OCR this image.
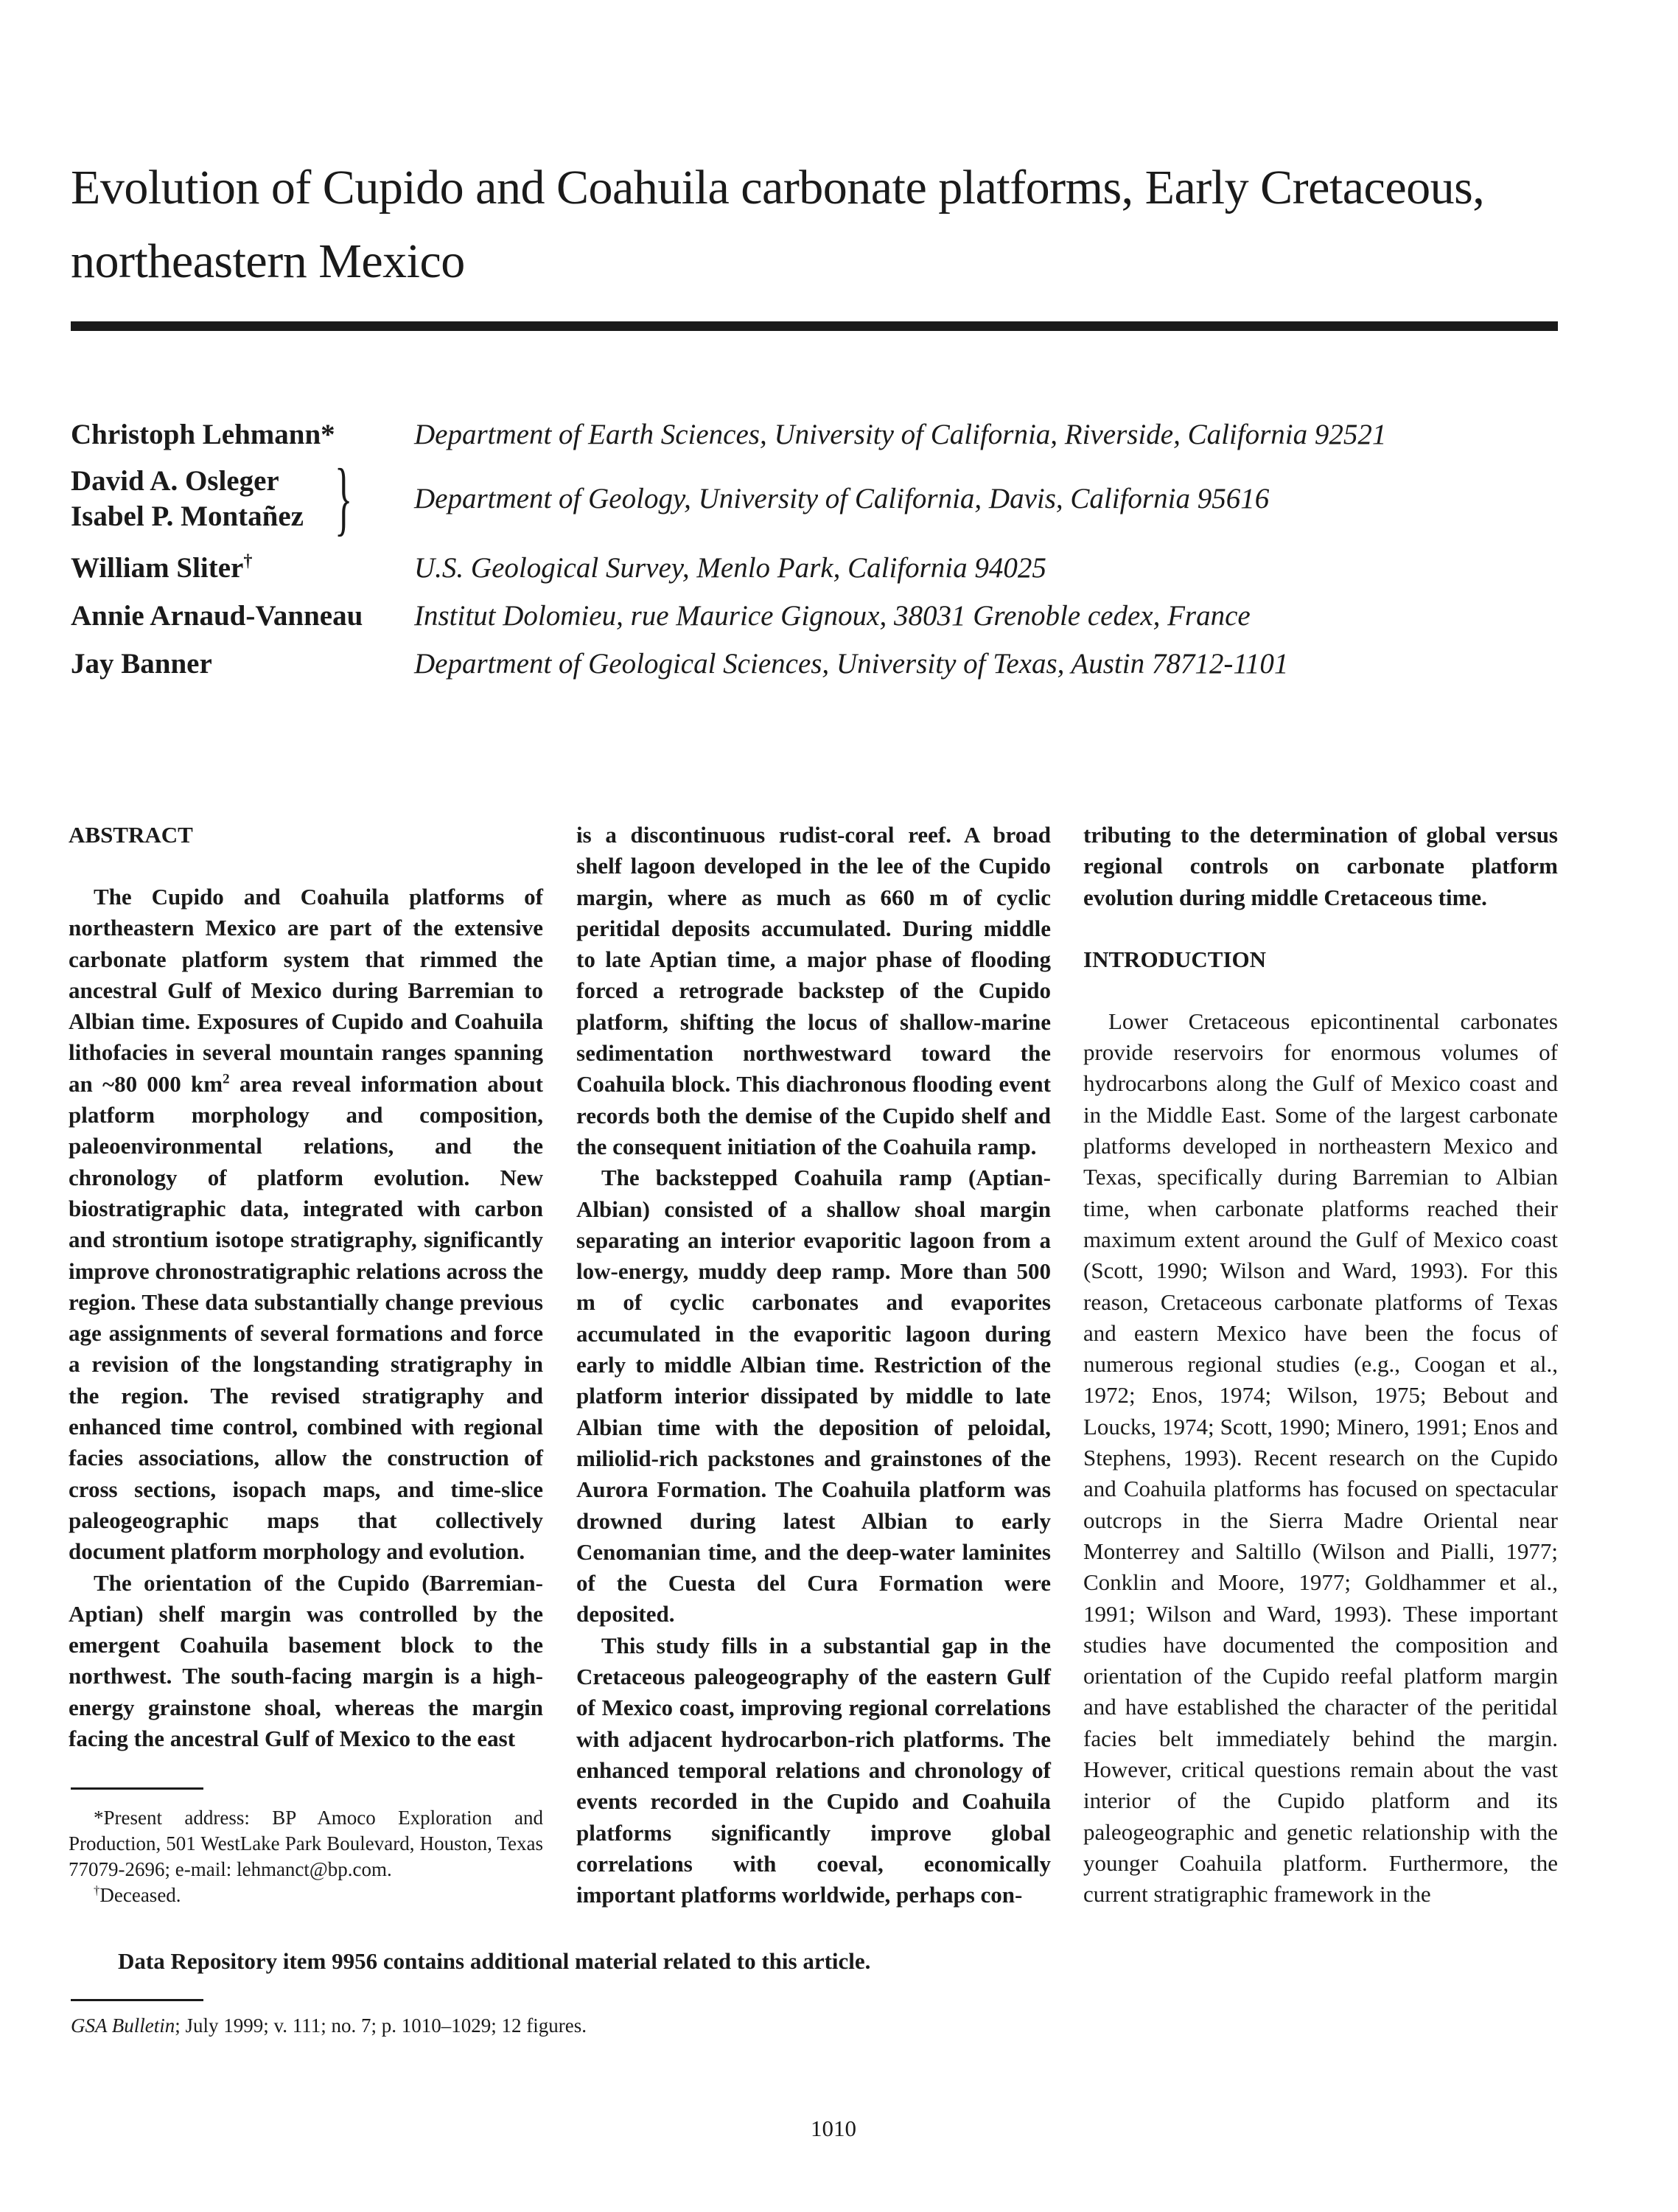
Evolution of Cupido and Coahuila carbonate platforms, Early Cretaceous, northeastern Mexico
Christoph Lehmann*	Department of Earth Sciences, University of California, Riverside, California 92521
David A. Osleger
Isabel P. Montañez } Department of Geology, University of California, Davis, California 95616
William Sliter†	U.S. Geological Survey, Menlo Park, California 94025
Annie Arnaud-Vanneau Institut Dolomieu, rue Maurice Gignoux, 38031 Grenoble cedex, France
Jay Banner	Department of Geological Sciences, University of Texas, Austin 78712-1101

ABSTRACT

The Cupido and Coahuila platforms of northeastern Mexico are part of the extensive carbonate platform system that rimmed the ancestral Gulf of Mexico during Barremian to Albian time. Exposures of Cupido and Coahuila lithofacies in several mountain ranges spanning an ~80 000 $km^2$ area reveal information about platform morphology and composition, paleoenvironmental relations, and the chronology of platform evolution. New biostratigraphic data, integrated with carbon and strontium isotope stratigraphy, significantly improve chronostratigraphic relations across the region. These data substantially change previous age assignments of several formations and force a revision of the longstanding stratigraphy in the region. The revised stratigraphy and enhanced time control, combined with regional facies associations, allow the construction of cross sections, isopach maps, and time-slice paleogeographic maps that collectively document platform morphology and evolution.

The orientation of the Cupido (Barremian-Aptian) shelf margin was controlled by the emergent Coahuila basement block to the northwest. The south-facing margin is a high-energy grainstone shoal, whereas the margin facing the ancestral Gulf of Mexico to the east

is a discontinuous rudist-coral reef. A broad shelf lagoon developed in the lee of the Cupido margin, where as much as 660 m of cyclic peritidal deposits accumulated. During middle to late Aptian time, a major phase of flooding forced a retrograde backstep of the Cupido platform, shifting the locus of shallow-marine sedimentation northwestward toward the Coahuila block. This diachronous flooding event records both the demise of the Cupido shelf and the consequent initiation of the Coahuila ramp.

The backstepped Coahuila ramp (Aptian-Albian) consisted of a shallow shoal margin separating an interior evaporitic lagoon from a low-energy, muddy deep ramp. More than 500 m of cyclic carbonates and evaporites accumulated in the evaporitic lagoon during early to middle Albian time. Restriction of the platform interior dissipated by middle to late Albian time with the deposition of peloidal, miliolid-rich packstones and grainstones of the Aurora Formation. The Coahuila platform was drowned during latest Albian to early Cenomanian time, and the deep-water laminites of the Cuesta del Cura Formation were deposited.

This study fills in a substantial gap in the Cretaceous paleogeography of the eastern Gulf of Mexico coast, improving regional correlations with adjacent hydrocarbon-rich platforms. The enhanced temporal relations and chronology of events recorded in the Cupido and Coahuila platforms significantly improve global correlations with coeval, economically important platforms worldwide, perhaps con-

tributing to the determination of global versus regional controls on carbonate platform evolution during middle Cretaceous time.

INTRODUCTION

Lower Cretaceous epicontinental carbonates provide reservoirs for enormous volumes of hydrocarbons along the Gulf of Mexico coast and in the Middle East. Some of the largest carbonate platforms developed in northeastern Mexico and Texas, specifically during Barremian to Albian time, when carbonate platforms reached their maximum extent around the Gulf of Mexico coast (Scott, 1990; Wilson and Ward, 1993). For this reason, Cretaceous carbonate platforms of Texas and eastern Mexico have been the focus of numerous regional studies (e.g., Coogan et al., 1972; Enos, 1974; Wilson, 1975; Bebout and Loucks, 1974; Scott, 1990; Minero, 1991; Enos and Stephens, 1993). Recent research on the Cupido and Coahuila platforms has focused on spectacular outcrops in the Sierra Madre Oriental near Monterrey and Saltillo (Wilson and Pialli, 1977; Conklin and Moore, 1977; Goldhammer et al., 1991; Wilson and Ward, 1993). These important studies have documented the composition and orientation of the Cupido reefal platform margin and have established the character of the peritidal facies belt immediately behind the margin. However, critical questions remain about the vast interior of the Cupido platform and its paleogeographic and genetic relationship with the younger Coahuila platform. Furthermore, the current stratigraphic framework in the

*Present address: BP Amoco Exploration and Production, 501 WestLake Park Boulevard, Houston, Texas 77079-2696; e-mail: lehmanct@bp.com.

†Deceased.

Data Repository item 9956 contains additional material related to this article.
GSA Bulletin; July 1999; v. 111; no. 7; p. 1010–1029; 12 figures.
1010
